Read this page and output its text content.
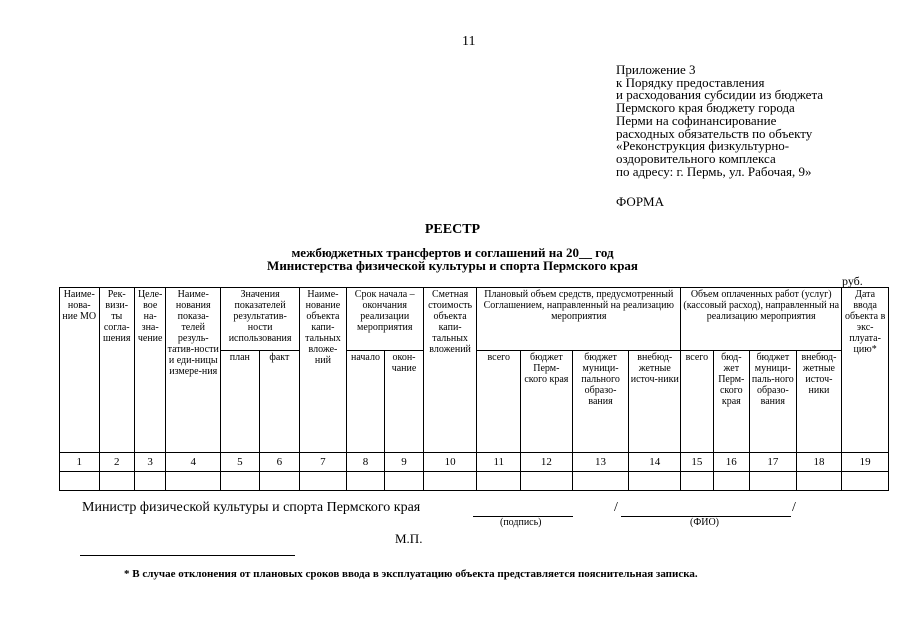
11
Приложение 3
к Порядку предоставления
и расходования субсидии из бюджета
Пермского края бюджету города
Перми на софинансирование
расходных обязательств по объекту
«Реконструкция физкультурно-
оздоровительного комплекса
по адресу: г. Пермь, ул. Рабочая, 9»
ФОРМА
РЕЕСТР
межбюджетных трансфертов и соглашений на 20__ год
Министерства физической культуры и спорта Пермского края
руб.
Наиме-нова-ние МО	Рек-визи-ты согла-шения	Целе-вое на-зна-чение	Наиме-нования показа-телей резуль-татив-ности и еди-ницы измере-ния	Значения показателей результатив-ности использования		Наиме-нование объекта капи-тальных вложе-ний	Срок начала – окончания реализации мероприятия		Сметная стоимость объекта капи-тальных вложений	Плановый объем средств, предусмотренный Соглашением, направленный на реализацию мероприятия				Объем оплаченных работ (услуг) (кассовый расход), направленный на реализацию мероприятия				Дата ввода объекта в экс-плуата-цию*
				план	факт		начало	окон-чание		всего	бюджет Перм-ского края	бюджет муници-пального образо-вания	внебюд-жетные источ-ники	всего	бюд-жет Перм-ского края	бюджет муници-паль-ного образо-вания	внебюд-жетные источ-ники	
1	2	3	4	5	6	7	8	9	10	11	12	13	14	15	16	17	18	19

Министр физической культуры и спорта Пермского края
(подпись)
/	/
(ФИО)
М.П.
* В случае отклонения от плановых сроков ввода в эксплуатацию объекта представляется пояснительная записка.
